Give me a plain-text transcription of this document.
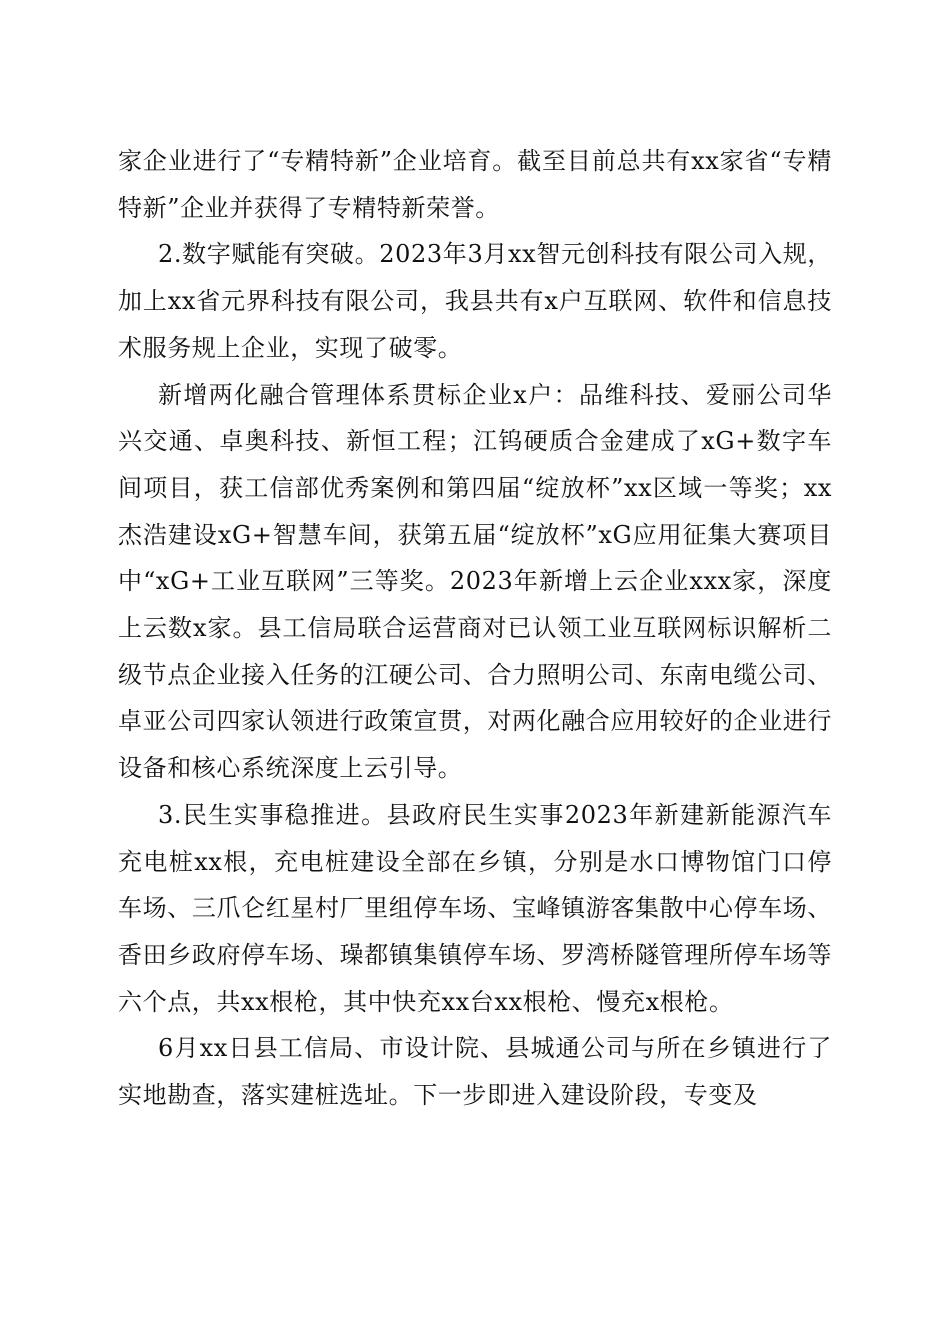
家企业进行了“专精特新”企业培育。截至目前总共有xx家省“专精特新”企业并获得了专精特新荣誉。

2.数字赋能有突破。2023年3月xx智元创科技有限公司入规，加上xx省元界科技有限公司，我县共有x户互联网、软件和信息技术服务规上企业，实现了破零。

新增两化融合管理体系贯标企业x户：品维科技、爱丽公司华兴交通、卓奥科技、新恒工程；江钨硬质合金建成了xG+数字车间项目，获工信部优秀案例和第四届“绽放杯”xx区域一等奖；xx杰浩建设xG+智慧车间，获第五届“绽放杯”xG应用征集大赛项目中“xG+工业互联网”三等奖。2023年新增上云企业xxx家，深度上云数x家。县工信局联合运营商对已认领工业互联网标识解析二级节点企业接入任务的江硬公司、合力照明公司、东南电缆公司、卓亚公司四家认领进行政策宣贯，对两化融合应用较好的企业进行设备和核心系统深度上云引导。

3.民生实事稳推进。县政府民生实事2023年新建新能源汽车充电桩xx根，充电桩建设全部在乡镇，分别是水口博物馆门口停车场、三爪仑红星村厂里组停车场、宝峰镇游客集散中心停车场、香田乡政府停车场、璪都镇集镇停车场、罗湾桥隧管理所停车场等六个点，共xx根枪，其中快充xx台xx根枪、慢充x根枪。

6月xx日县工信局、市设计院、县城通公司与所在乡镇进行了实地勘查，落实建桩选址。下一步即进入建设阶段，专变及
